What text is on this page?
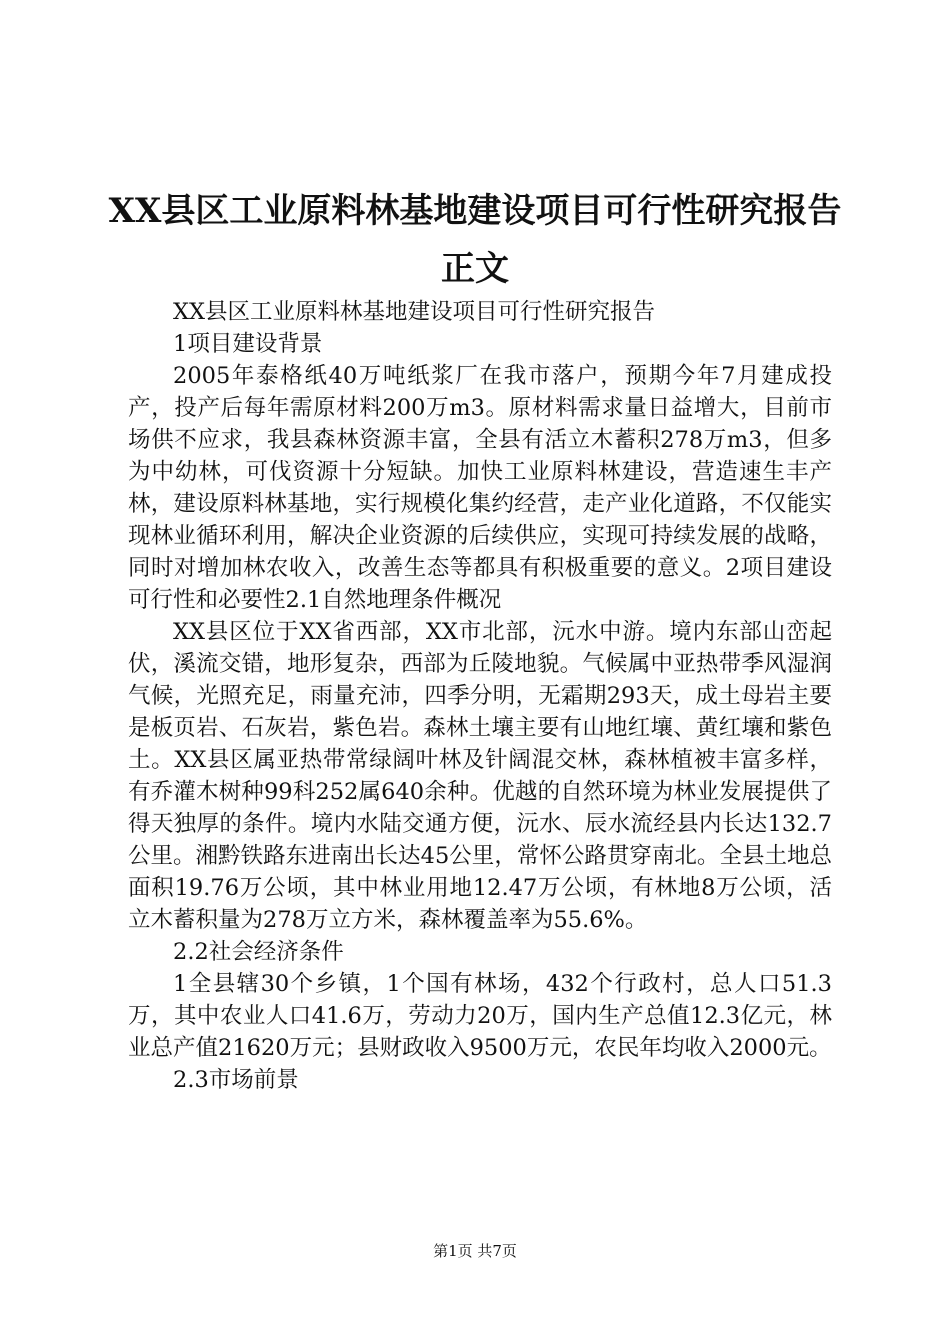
XX县区工业原料林基地建设项目可行性研究报告正文

XX县区工业原料林基地建设项目可行性研究报告

1项目建设背景

2005年泰格纸40万吨纸浆厂在我市落户，预期今年7月建成投产，投产后每年需原材料200万m3。原材料需求量日益增大，目前市场供不应求，我县森林资源丰富，全县有活立木蓄积278万m3，但多为中幼林，可伐资源十分短缺。加快工业原料林建设，营造速生丰产林，建设原料林基地，实行规模化集约经营，走产业化道路，不仅能实现林业循环利用，解决企业资源的后续供应，实现可持续发展的战略，同时对增加林农收入，改善生态等都具有积极重要的意义。2项目建设可行性和必要性2.1自然地理条件概况

XX县区位于XX省西部，XX市北部，沅水中游。境内东部山峦起伏，溪流交错，地形复杂，西部为丘陵地貌。气候属中亚热带季风湿润气候，光照充足，雨量充沛，四季分明，无霜期293天，成土母岩主要是板页岩、石灰岩，紫色岩。森林土壤主要有山地红壤、黄红壤和紫色土。XX县区属亚热带常绿阔叶林及针阔混交林，森林植被丰富多样，有乔灌木树种99科252属640余种。优越的自然环境为林业发展提供了得天独厚的条件。境内水陆交通方便，沅水、辰水流经县内长达132.7公里。湘黔铁路东进南出长达45公里，常怀公路贯穿南北。全县土地总面积19.76万公顷，其中林业用地12.47万公顷，有林地8万公顷，活立木蓄积量为278万立方米，森林覆盖率为55.6%。

2.2社会经济条件

1全县辖30个乡镇，1个国有林场，432个行政村，总人口51.3万，其中农业人口41.6万，劳动力20万，国内生产总值12.3亿元，林业总产值21620万元；县财政收入9500万元，农民年均收入2000元。

2.3市场前景

第1页 共7页
